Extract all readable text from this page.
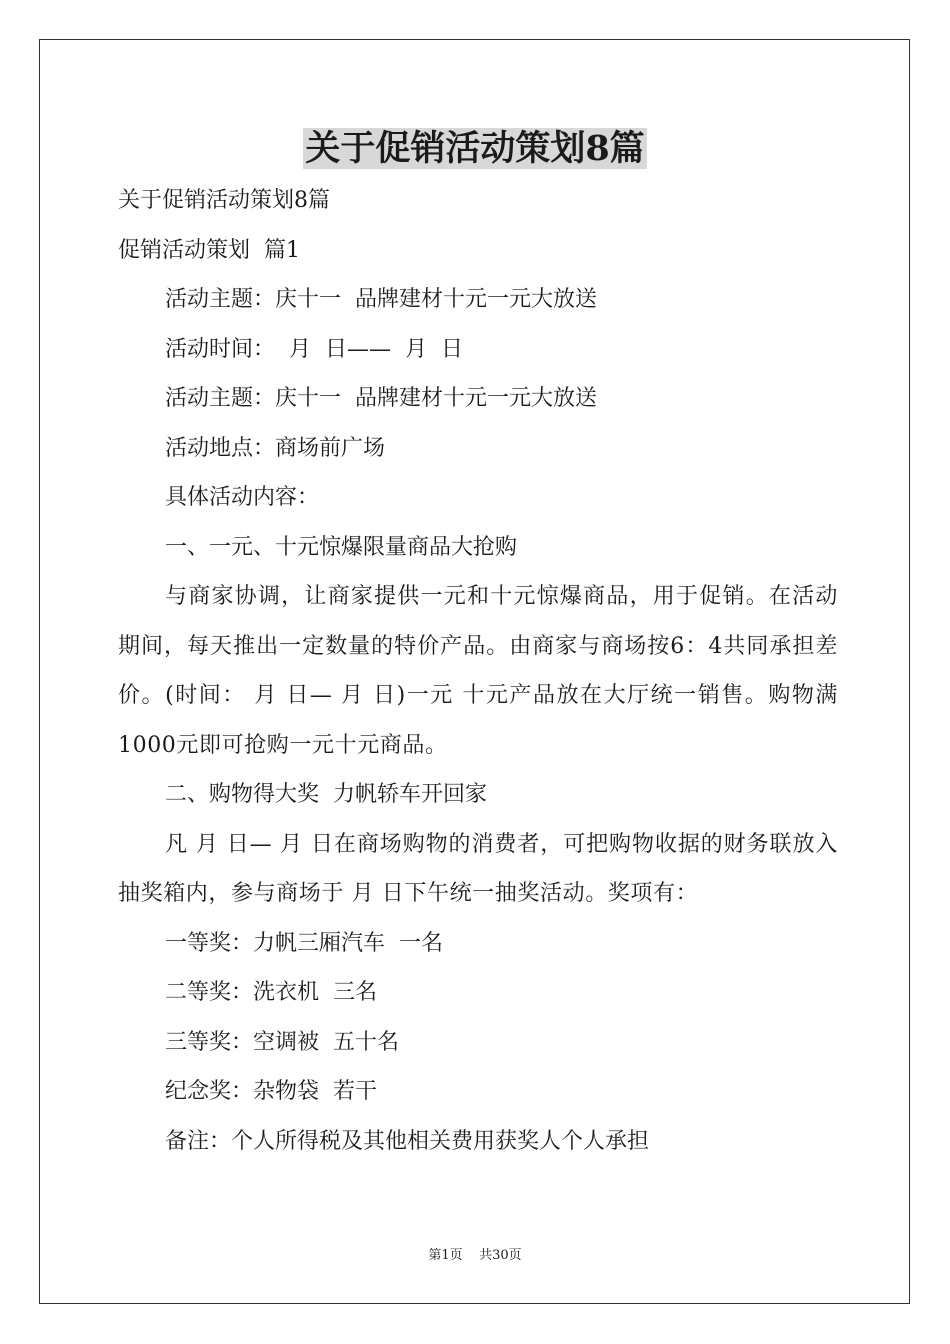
关于促销活动策划8篇

关于促销活动策划8篇

促销活动策划  篇1

活动主题：庆十一  品牌建材十元一元大放送

活动时间：  月  日——  月  日

活动主题：庆十一  品牌建材十元一元大放送

活动地点：商场前广场

具体活动内容：

一、一元、十元惊爆限量商品大抢购

与商家协调，让商家提供一元和十元惊爆商品，用于促销。在活动期间，每天推出一定数量的特价产品。由商家与商场按6：4共同承担差价。(时间： 月 日— 月 日)一元 十元产品放在大厅统一销售。购物满1000元即可抢购一元十元商品。

二、购物得大奖  力帆轿车开回家

凡 月 日— 月 日在商场购物的消费者，可把购物收据的财务联放入抽奖箱内，参与商场于 月 日下午统一抽奖活动。奖项有：

一等奖：力帆三厢汽车  一名

二等奖：洗衣机  三名

三等奖：空调被  五十名

纪念奖：杂物袋  若干

备注：个人所得税及其他相关费用获奖人个人承担

第1页    共30页
